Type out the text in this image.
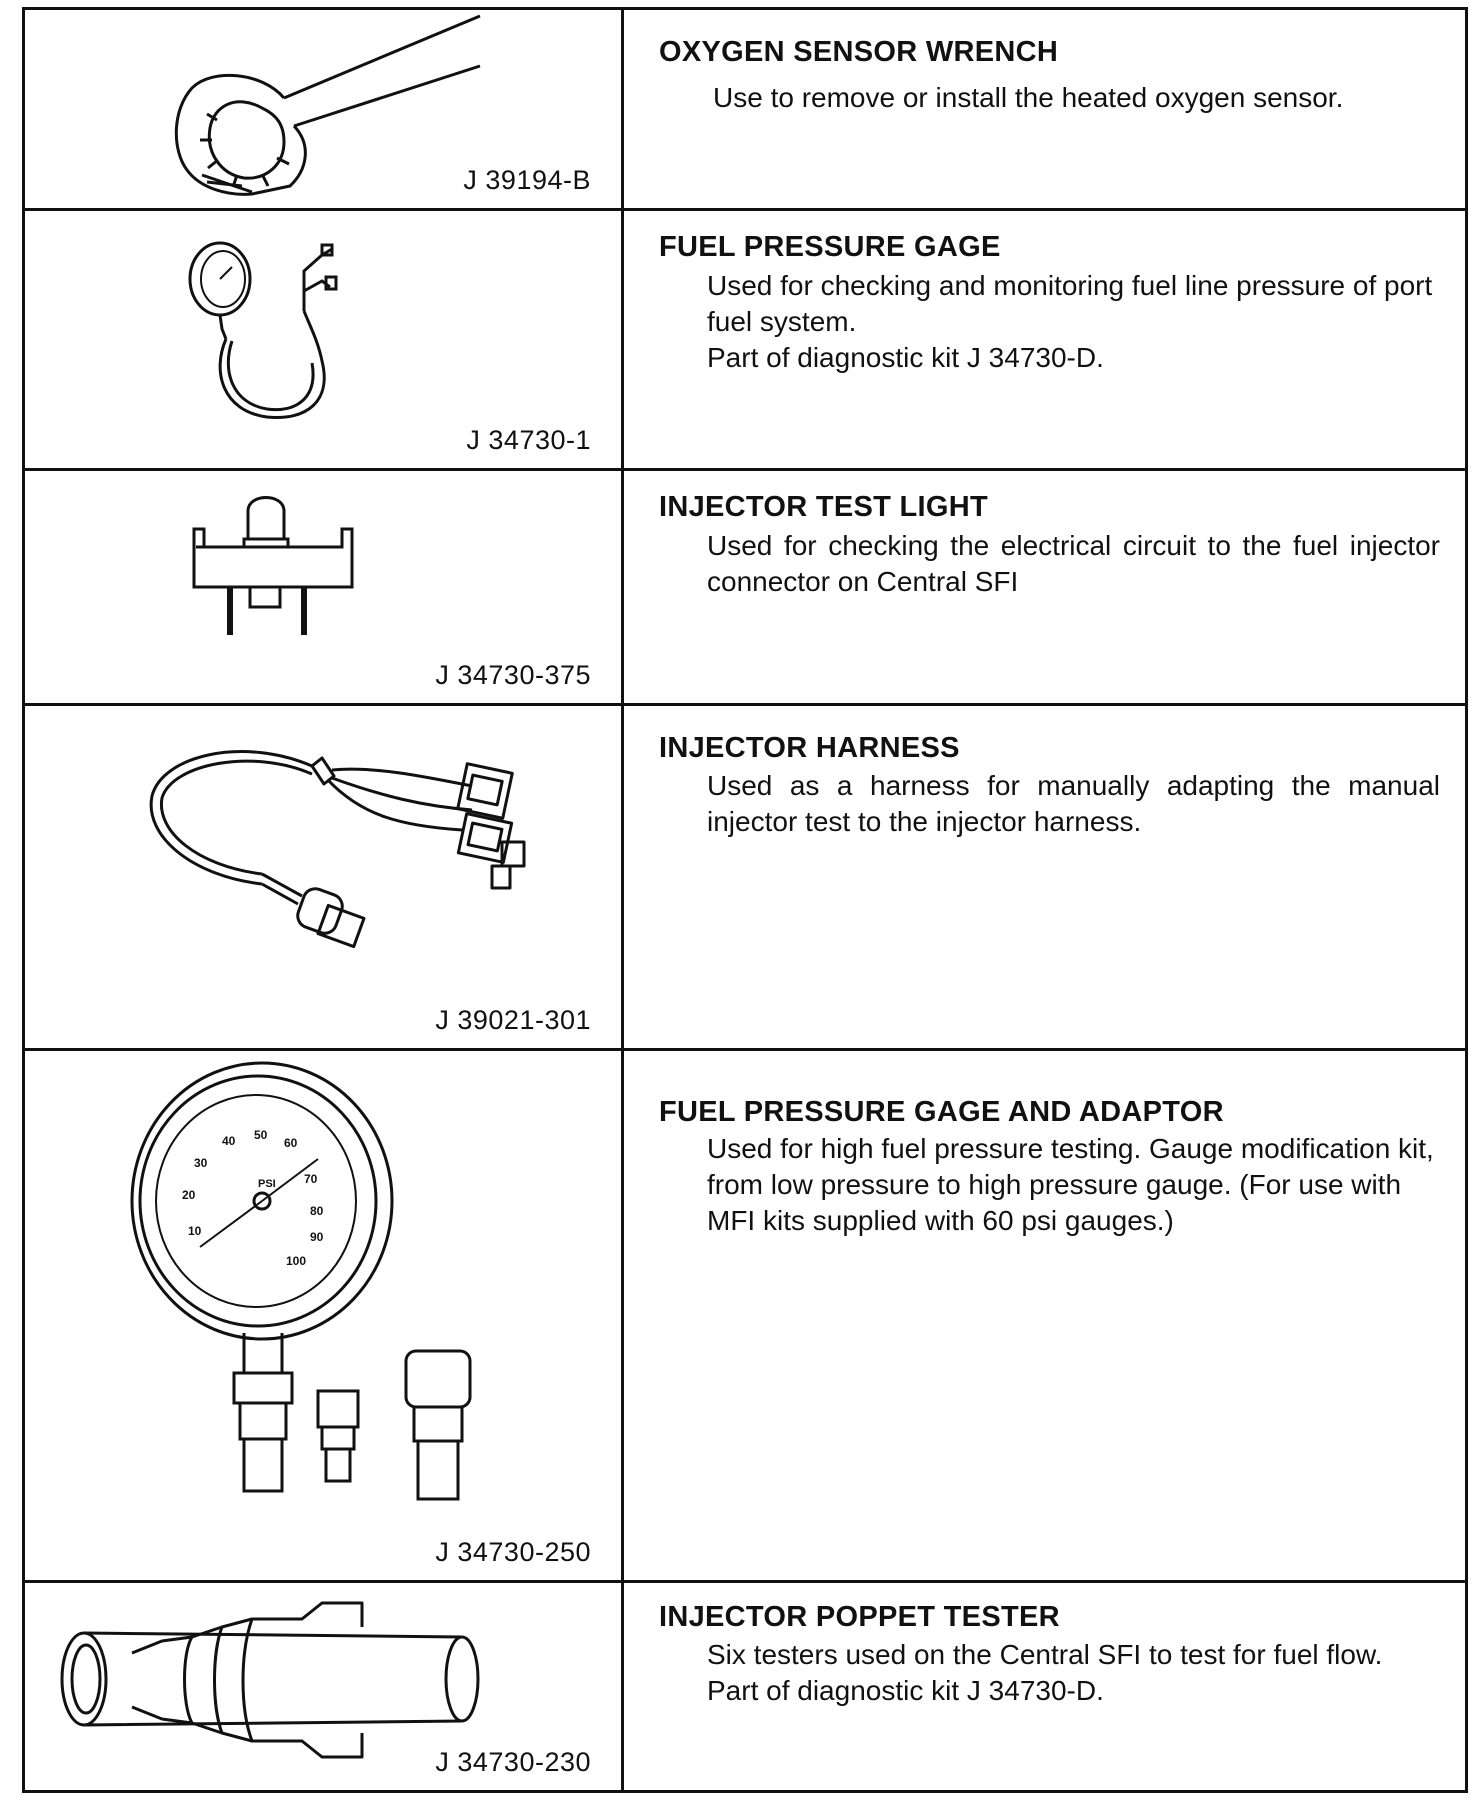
J 39194-B
OXYGEN SENSOR WRENCH

Use to remove or install the heated oxygen sensor.

J 34730-1
FUEL PRESSURE GAGE

Used for checking and monitoring fuel line pressure of port fuel system.

Part of diagnostic kit J 34730-D.

J 34730-375
INJECTOR TEST LIGHT

Used for checking the electrical circuit to the fuel injector connector on Central SFI

J 39021-301
INJECTOR HARNESS

Used as a harness for manually adapting the manual injector test to the injector harness.

10
20
30
40 50
60
70
80
90
100
PSI
J 34730-250
FUEL PRESSURE GAGE AND ADAPTOR

Used for high fuel pressure testing. Gauge modification kit, from low pressure to high pressure gauge. (For use with MFI kits supplied with 60 psi gauges.)

J 34730-230
INJECTOR POPPET TESTER

Six testers used on the Central SFI to test for fuel flow.

Part of diagnostic kit J 34730-D.
